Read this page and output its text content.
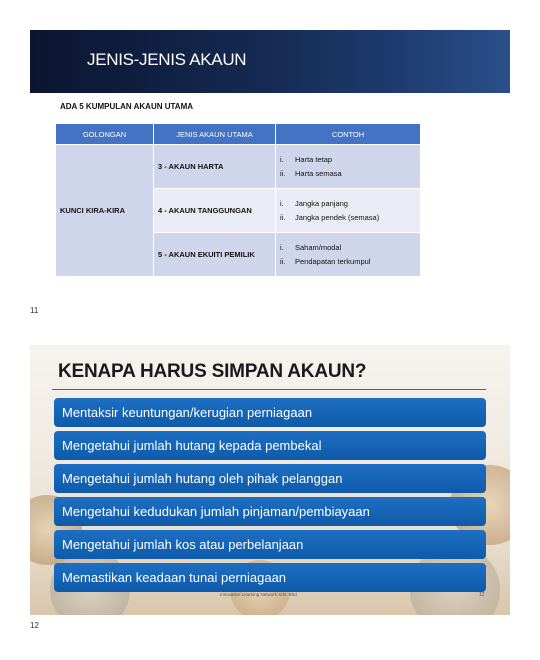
JENIS-JENIS AKAUN
ADA 5 KUMPULAN AKAUN UTAMA
GOLONGAN	JENIS AKAUN UTAMA	CONTOH
KUNCI KIRA-KIRA	3 - AKAUN HARTA	i. Harta tetap
ii. Harta semasa

	4 - AKAUN TANGGUNGAN	i. Jangka panjang
ii. Jangka pendek (semasa)

	5 - AKAUN EKUITI PEMILIK	i. Saham/modal
ii. Pendapatan terkumpul
11
KENAPA HARUS SIMPAN AKAUN?
Mentaksir keuntungan/kerugian perniagaan
Mengetahui jumlah hutang kepada pembekal
Mengetahui jumlah hutang oleh pihak pelanggan
Mengetahui kedudukan jumlah pinjaman/pembiayaan
Mengetahui jumlah kos atau perbelanjaan
Memastikan keadaan tunai perniagaan
Innovative Learning Network Sdn. Bhd	12
12
